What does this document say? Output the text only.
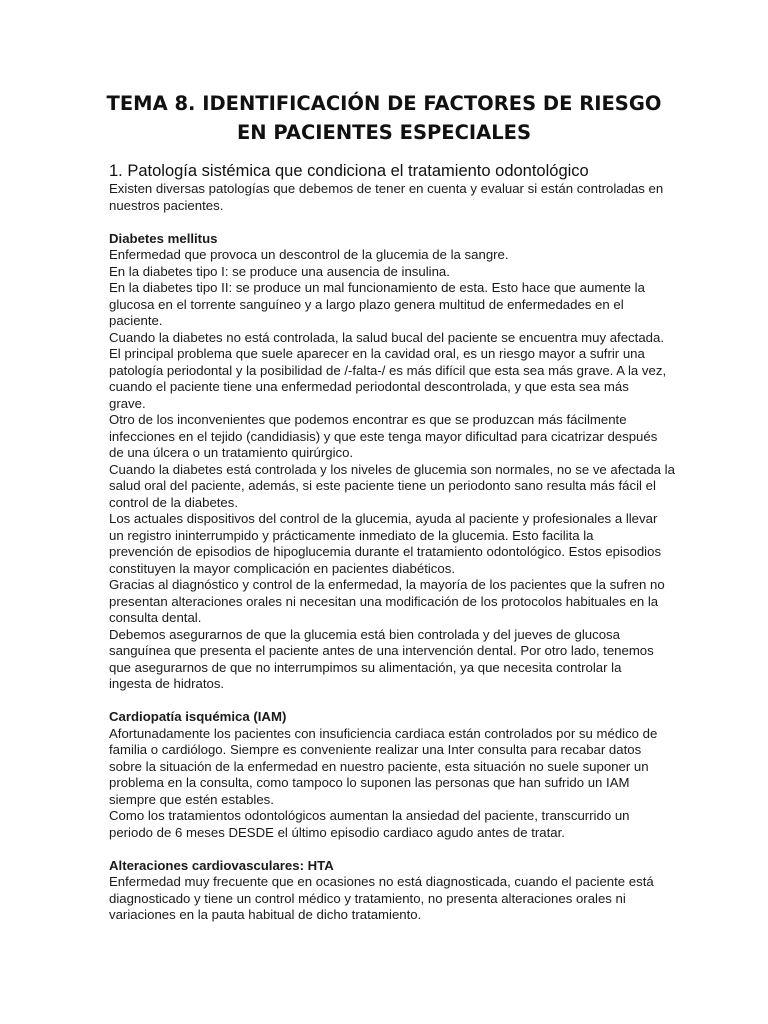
TEMA 8. IDENTIFICACIÓN DE FACTORES DE RIESGO
EN PACIENTES ESPECIALES
1. Patología sistémica que condiciona el tratamiento odontológico
Existen diversas patologías que debemos de tener en cuenta y evaluar si están controladas en
nuestros pacientes.
Diabetes mellitus
Enfermedad que provoca un descontrol de la glucemia de la sangre.
En la diabetes tipo I: se produce una ausencia de insulina.
En la diabetes tipo II: se produce un mal funcionamiento de esta. Esto hace que aumente la
glucosa en el torrente sanguíneo y a largo plazo genera multitud de enfermedades en el
paciente.
Cuando la diabetes no está controlada, la salud bucal del paciente se encuentra muy afectada.
El principal problema que suele aparecer en la cavidad oral, es un riesgo mayor a sufrir una
patología periodontal y la posibilidad de /-falta-/ es más difícil que esta sea más grave. A la vez,
cuando el paciente tiene una enfermedad periodontal descontrolada, y que esta sea más
grave.
Otro de los inconvenientes que podemos encontrar es que se produzcan más fácilmente
infecciones en el tejido (candidiasis) y que este tenga mayor dificultad para cicatrizar después
de una úlcera o un tratamiento quirúrgico.
Cuando la diabetes está controlada y los niveles de glucemia son normales, no se ve afectada la
salud oral del paciente, además, si este paciente tiene un periodonto sano resulta más fácil el
control de la diabetes.
Los actuales dispositivos del control de la glucemia, ayuda al paciente y profesionales a llevar
un registro ininterrumpido y prácticamente inmediato de la glucemia. Esto facilita la
prevención de episodios de hipoglucemia durante el tratamiento odontológico. Estos episodios
constituyen la mayor complicación en pacientes diabéticos.
Gracias al diagnóstico y control de la enfermedad, la mayoría de los pacientes que la sufren no
presentan alteraciones orales ni necesitan una modificación de los protocolos habituales en la
consulta dental.
Debemos asegurarnos de que la glucemia está bien controlada y del jueves de glucosa
sanguínea que presenta el paciente antes de una intervención dental. Por otro lado, tenemos
que asegurarnos de que no interrumpimos su alimentación, ya que necesita controlar la
ingesta de hidratos.
Cardiopatía isquémica (IAM)
Afortunadamente los pacientes con insuficiencia cardiaca están controlados por su médico de
familia o cardiólogo. Siempre es conveniente realizar una Inter consulta para recabar datos
sobre la situación de la enfermedad en nuestro paciente, esta situación no suele suponer un
problema en la consulta, como tampoco lo suponen las personas que han sufrido un IAM
siempre que estén estables.
Como los tratamientos odontológicos aumentan la ansiedad del paciente, transcurrido un
periodo de 6 meses DESDE el último episodio cardiaco agudo antes de tratar.
Alteraciones cardiovasculares: HTA
Enfermedad muy frecuente que en ocasiones no está diagnosticada, cuando el paciente está
diagnosticado y tiene un control médico y tratamiento, no presenta alteraciones orales ni
variaciones en la pauta habitual de dicho tratamiento.
